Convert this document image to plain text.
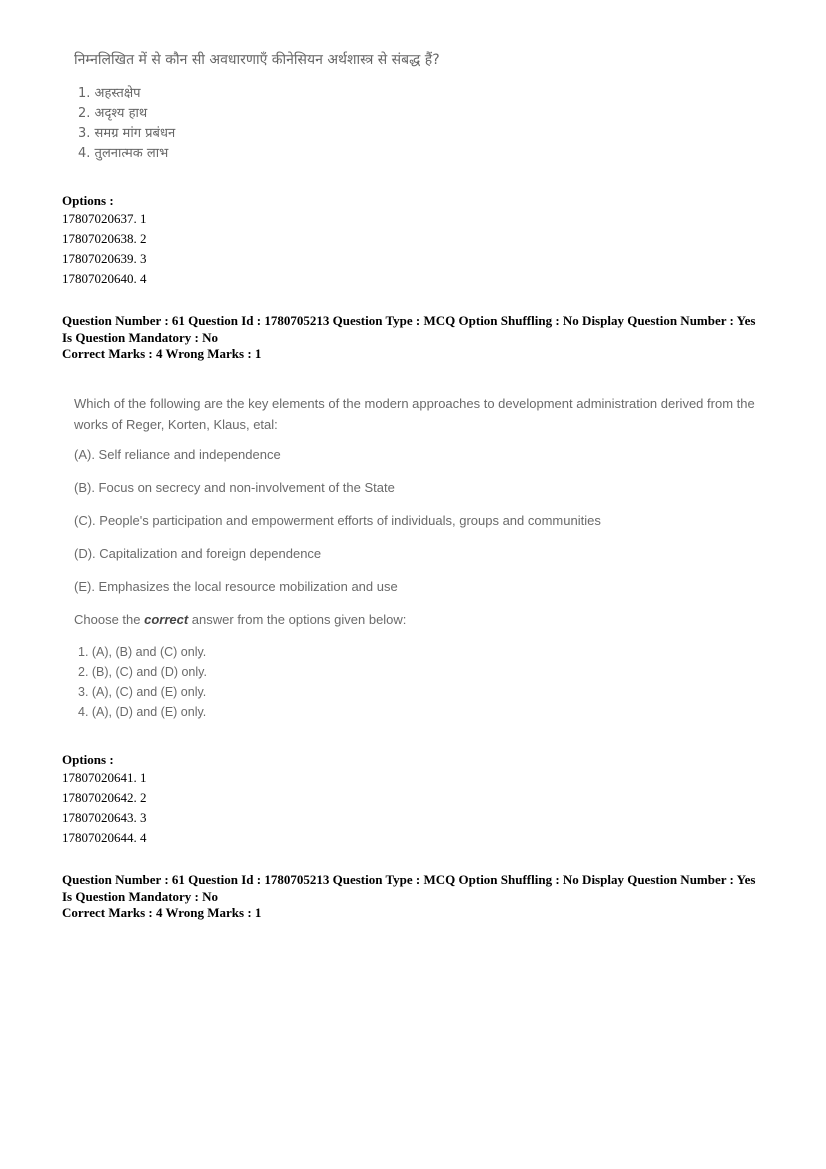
निम्नलिखित में से कौन सी अवधारणाएँ कीनेसियन अर्थशास्त्र से संबद्ध हैं?
1. अहस्तक्षेप
2. अदृश्य हाथ
3. समग्र मांग प्रबंधन
4. तुलनात्मक लाभ
Options :
17807020637. 1
17807020638. 2
17807020639. 3
17807020640. 4
Question Number : 61 Question Id : 1780705213 Question Type : MCQ Option Shuffling : No Display Question Number : Yes
Is Question Mandatory : No
Correct Marks : 4 Wrong Marks : 1
Which of the following are the key elements of the modern approaches to development administration derived from the works of Reger, Korten, Klaus, etal:
(A). Self reliance and independence
(B). Focus on secrecy and non-involvement of the State
(C). People's participation and empowerment efforts of individuals, groups and communities
(D). Capitalization and foreign dependence
(E). Emphasizes the local resource mobilization and use
Choose the correct answer from the options given below:
1. (A), (B) and (C) only.
2. (B), (C) and (D) only.
3. (A), (C) and (E) only.
4. (A), (D) and (E) only.
Options :
17807020641. 1
17807020642. 2
17807020643. 3
17807020644. 4
Question Number : 61 Question Id : 1780705213 Question Type : MCQ Option Shuffling : No Display Question Number : Yes
Is Question Mandatory : No
Correct Marks : 4 Wrong Marks : 1
